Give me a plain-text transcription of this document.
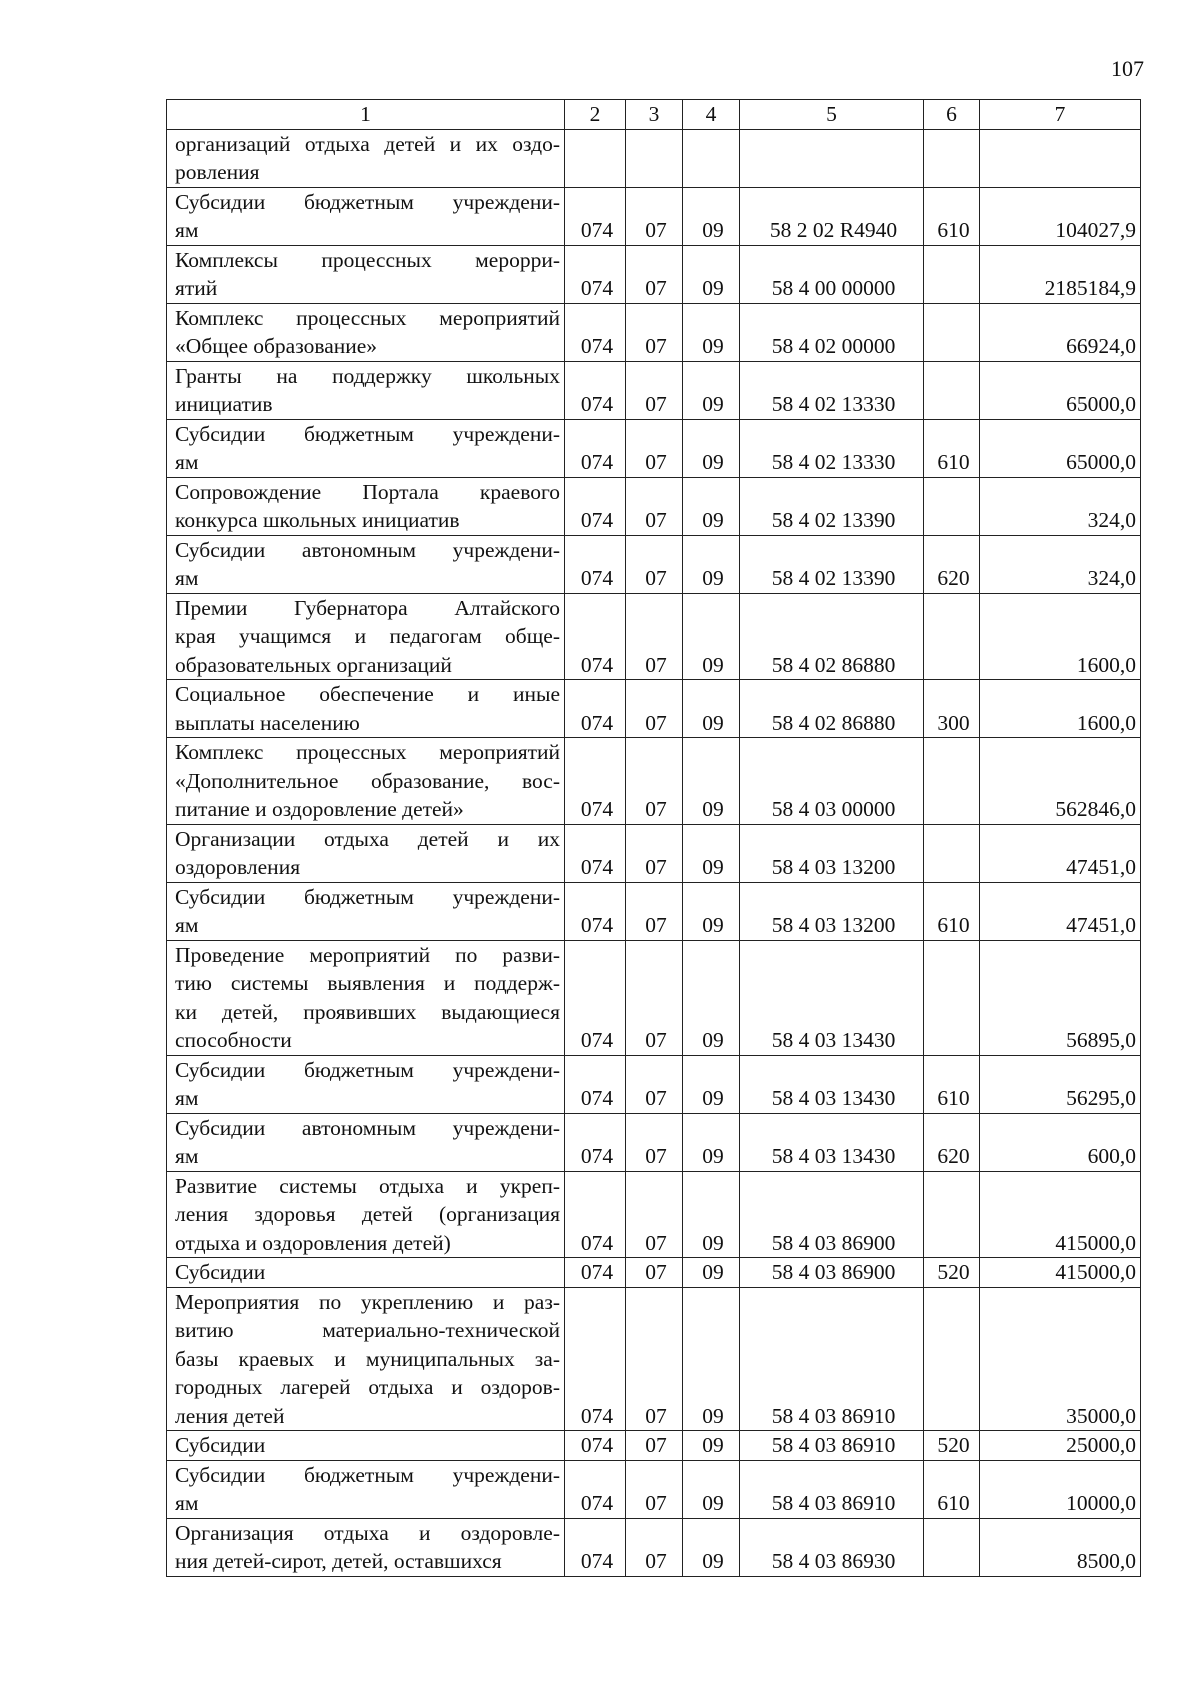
107
1	2	3	4	5	6	7

организаций отдыха детей и их оздо-
ровления						

Субсидии бюджетным учреждени-
ям	074	07	09	58 2 02 R4940	610	104027,9

Комплексы процессных мероpри-
ятий	074	07	09	58 4 00 00000		2185184,9

Комплекс процессных мероприятий
«Общее образование»	074	07	09	58 4 02 00000		66924,0

Гранты на поддержку школьных
инициатив	074	07	09	58 4 02 13330		65000,0

Субсидии бюджетным учреждени-
ям	074	07	09	58 4 02 13330	610	65000,0

Сопровождение Портала краевого
конкурса школьных инициатив	074	07	09	58 4 02 13390		324,0

Субсидии автономным учреждени-
ям	074	07	09	58 4 02 13390	620	324,0

Премии Губернатора Алтайского
края учащимся и педагогам обще-
образовательных организаций	074	07	09	58 4 02 86880		1600,0

Социальное обеспечение и иные
выплаты населению	074	07	09	58 4 02 86880	300	1600,0

Комплекс процессных мероприятий
«Дополнительное образование, вос-
питание и оздоровление детей»	074	07	09	58 4 03 00000		562846,0

Организации отдыха детей и их
оздоровления	074	07	09	58 4 03 13200		47451,0

Субсидии бюджетным учреждени-
ям	074	07	09	58 4 03 13200	610	47451,0

Проведение мероприятий по разви-
тию системы выявления и поддерж-
ки детей, проявивших выдающиеся
способности	074	07	09	58 4 03 13430		56895,0

Субсидии бюджетным учреждени-
ям	074	07	09	58 4 03 13430	610	56295,0

Субсидии автономным учреждени-
ям	074	07	09	58 4 03 13430	620	600,0

Развитие системы отдыха и укреп-
ления здоровья детей (организация
отдыха и оздоровления детей)	074	07	09	58 4 03 86900		415000,0

Субсидии	074	07	09	58 4 03 86900	520	415000,0

Мероприятия по укреплению и раз-
витию материально-технической
базы краевых и муниципальных за-
городных лагерей отдыха и оздоров-
ления детей	074	07	09	58 4 03 86910		35000,0

Субсидии	074	07	09	58 4 03 86910	520	25000,0

Субсидии бюджетным учреждени-
ям	074	07	09	58 4 03 86910	610	10000,0

Организация отдыха и оздоровле-
ния детей-сирот, детей, оставшихся	074	07	09	58 4 03 86930		8500,0
